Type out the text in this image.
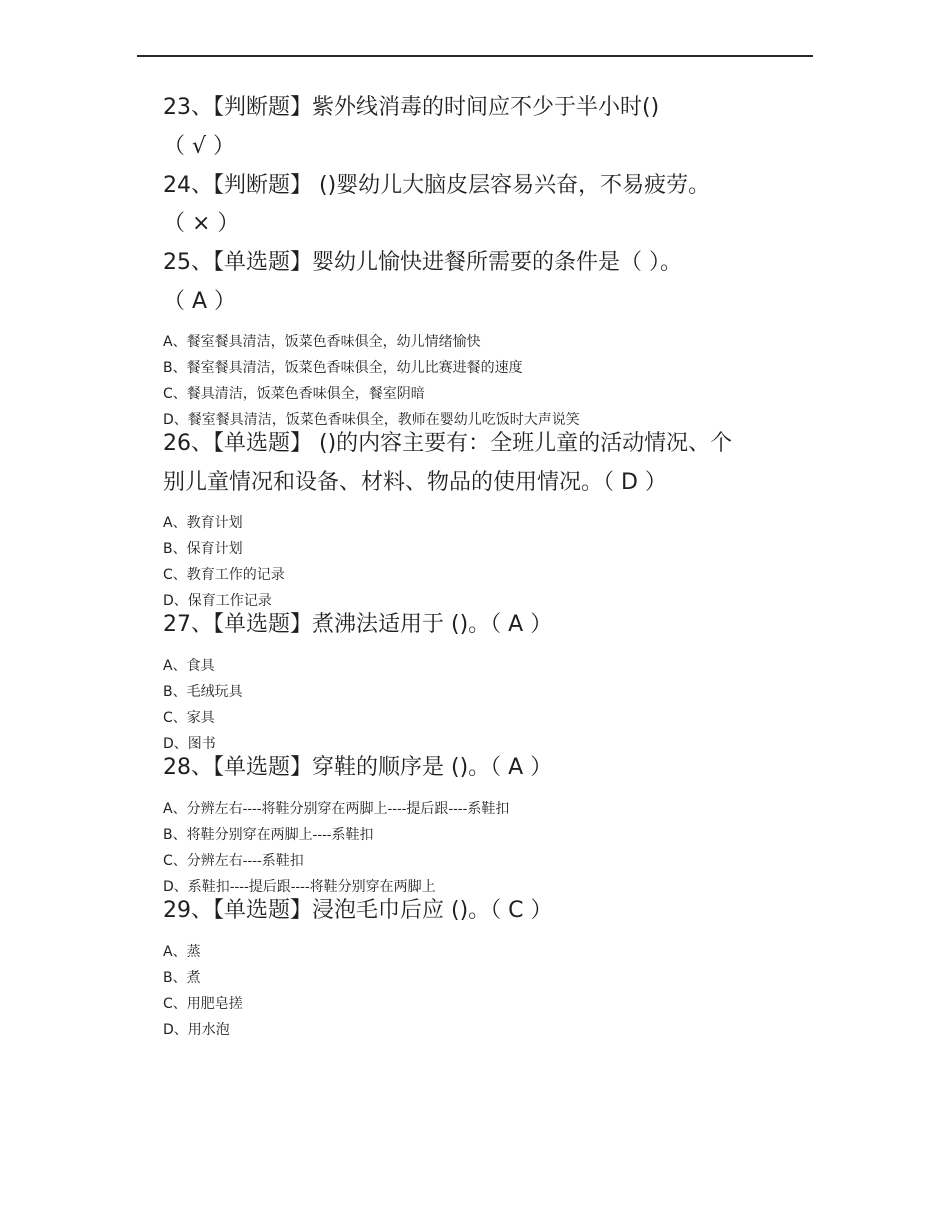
23、【判断题】紫外线消毒的时间应不少于半小时()
（ √ ）
24、【判断题】 ()婴幼儿大脑皮层容易兴奋，不易疲劳。
（ × ）
25、【单选题】婴幼儿愉快进餐所需要的条件是（ ）。
（ A ）
A、餐室餐具清洁，饭菜色香味俱全，幼儿情绪愉快
B、餐室餐具清洁，饭菜色香味俱全，幼儿比赛进餐的速度
C、餐具清洁，饭菜色香味俱全，餐室阴暗
D、餐室餐具清洁，饭菜色香味俱全，教师在婴幼儿吃饭时大声说笑
26、【单选题】 ()的内容主要有：全班儿童的活动情况、个
别儿童情况和设备、材料、物品的使用情况。（ D ）
A、教育计划
B、保育计划
C、教育工作的记录
D、保育工作记录
27、【单选题】煮沸法适用于 ()。（ A ）
A、食具
B、毛绒玩具
C、家具
D、图书
28、【单选题】穿鞋的顺序是 ()。（ A ）
A、分辨左右----将鞋分别穿在两脚上----提后跟----系鞋扣
B、将鞋分别穿在两脚上----系鞋扣
C、分辨左右----系鞋扣
D、系鞋扣----提后跟----将鞋分别穿在两脚上
29、【单选题】浸泡毛巾后应 ()。（ C ）
A、蒸
B、煮
C、用肥皂搓
D、用水泡
